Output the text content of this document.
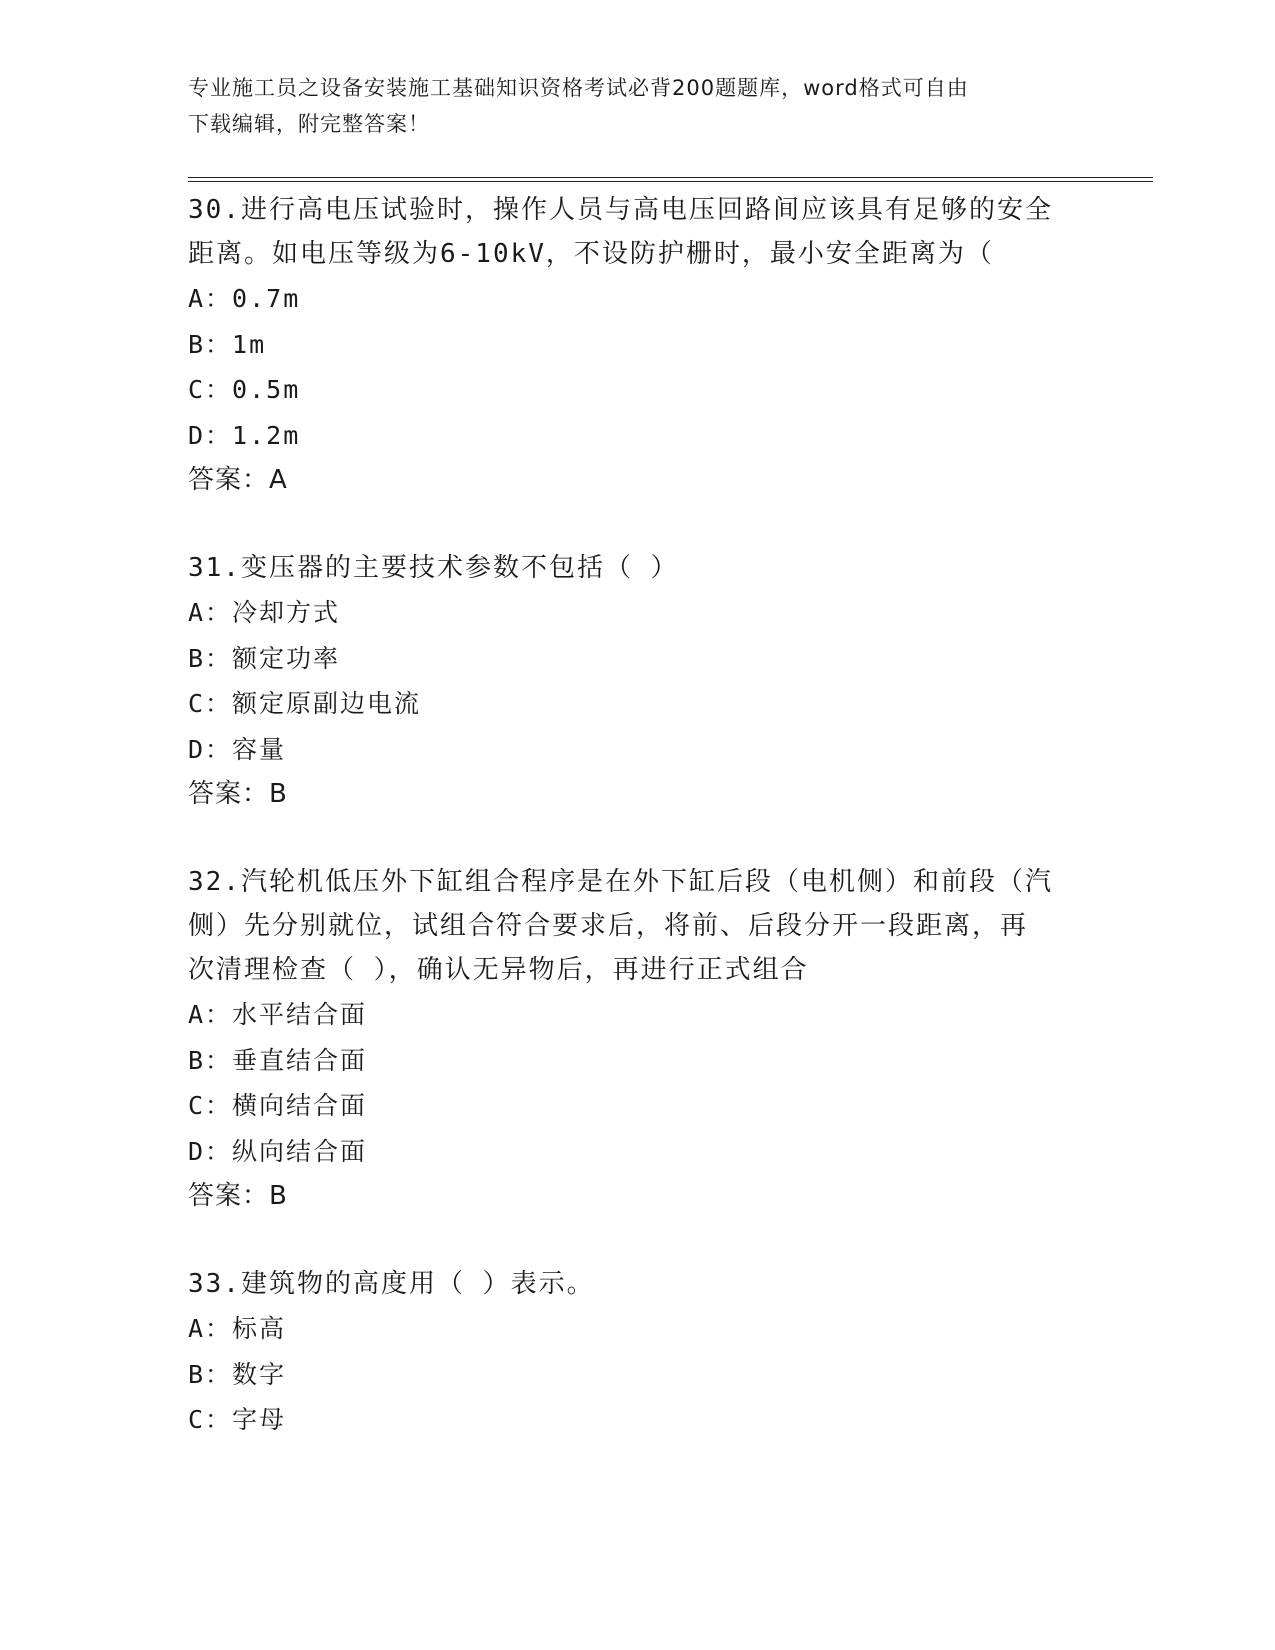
专业施工员之设备安装施工基础知识资格考试必背200题题库，word格式可自由
下载编辑，附完整答案！

30.进行高电压试验时，操作人员与高电压回路间应该具有足够的安全

距离。如电压等级为6-10kV，不设防护栅时，最小安全距离为（

A：0.7m

B：1m

C：0.5m

D：1.2m

答案：A

31.变压器的主要技术参数不包括（ ）

A：冷却方式

B：额定功率

C：额定原副边电流

D：容量

答案：B

32.汽轮机低压外下缸组合程序是在外下缸后段（电机侧）和前段（汽

侧）先分别就位，试组合符合要求后，将前、后段分开一段距离，再

次清理检查（ ），确认无异物后，再进行正式组合

A：水平结合面

B：垂直结合面

C：横向结合面

D：纵向结合面

答案：B

33.建筑物的高度用（ ）表示。

A：标高

B：数字

C：字母
